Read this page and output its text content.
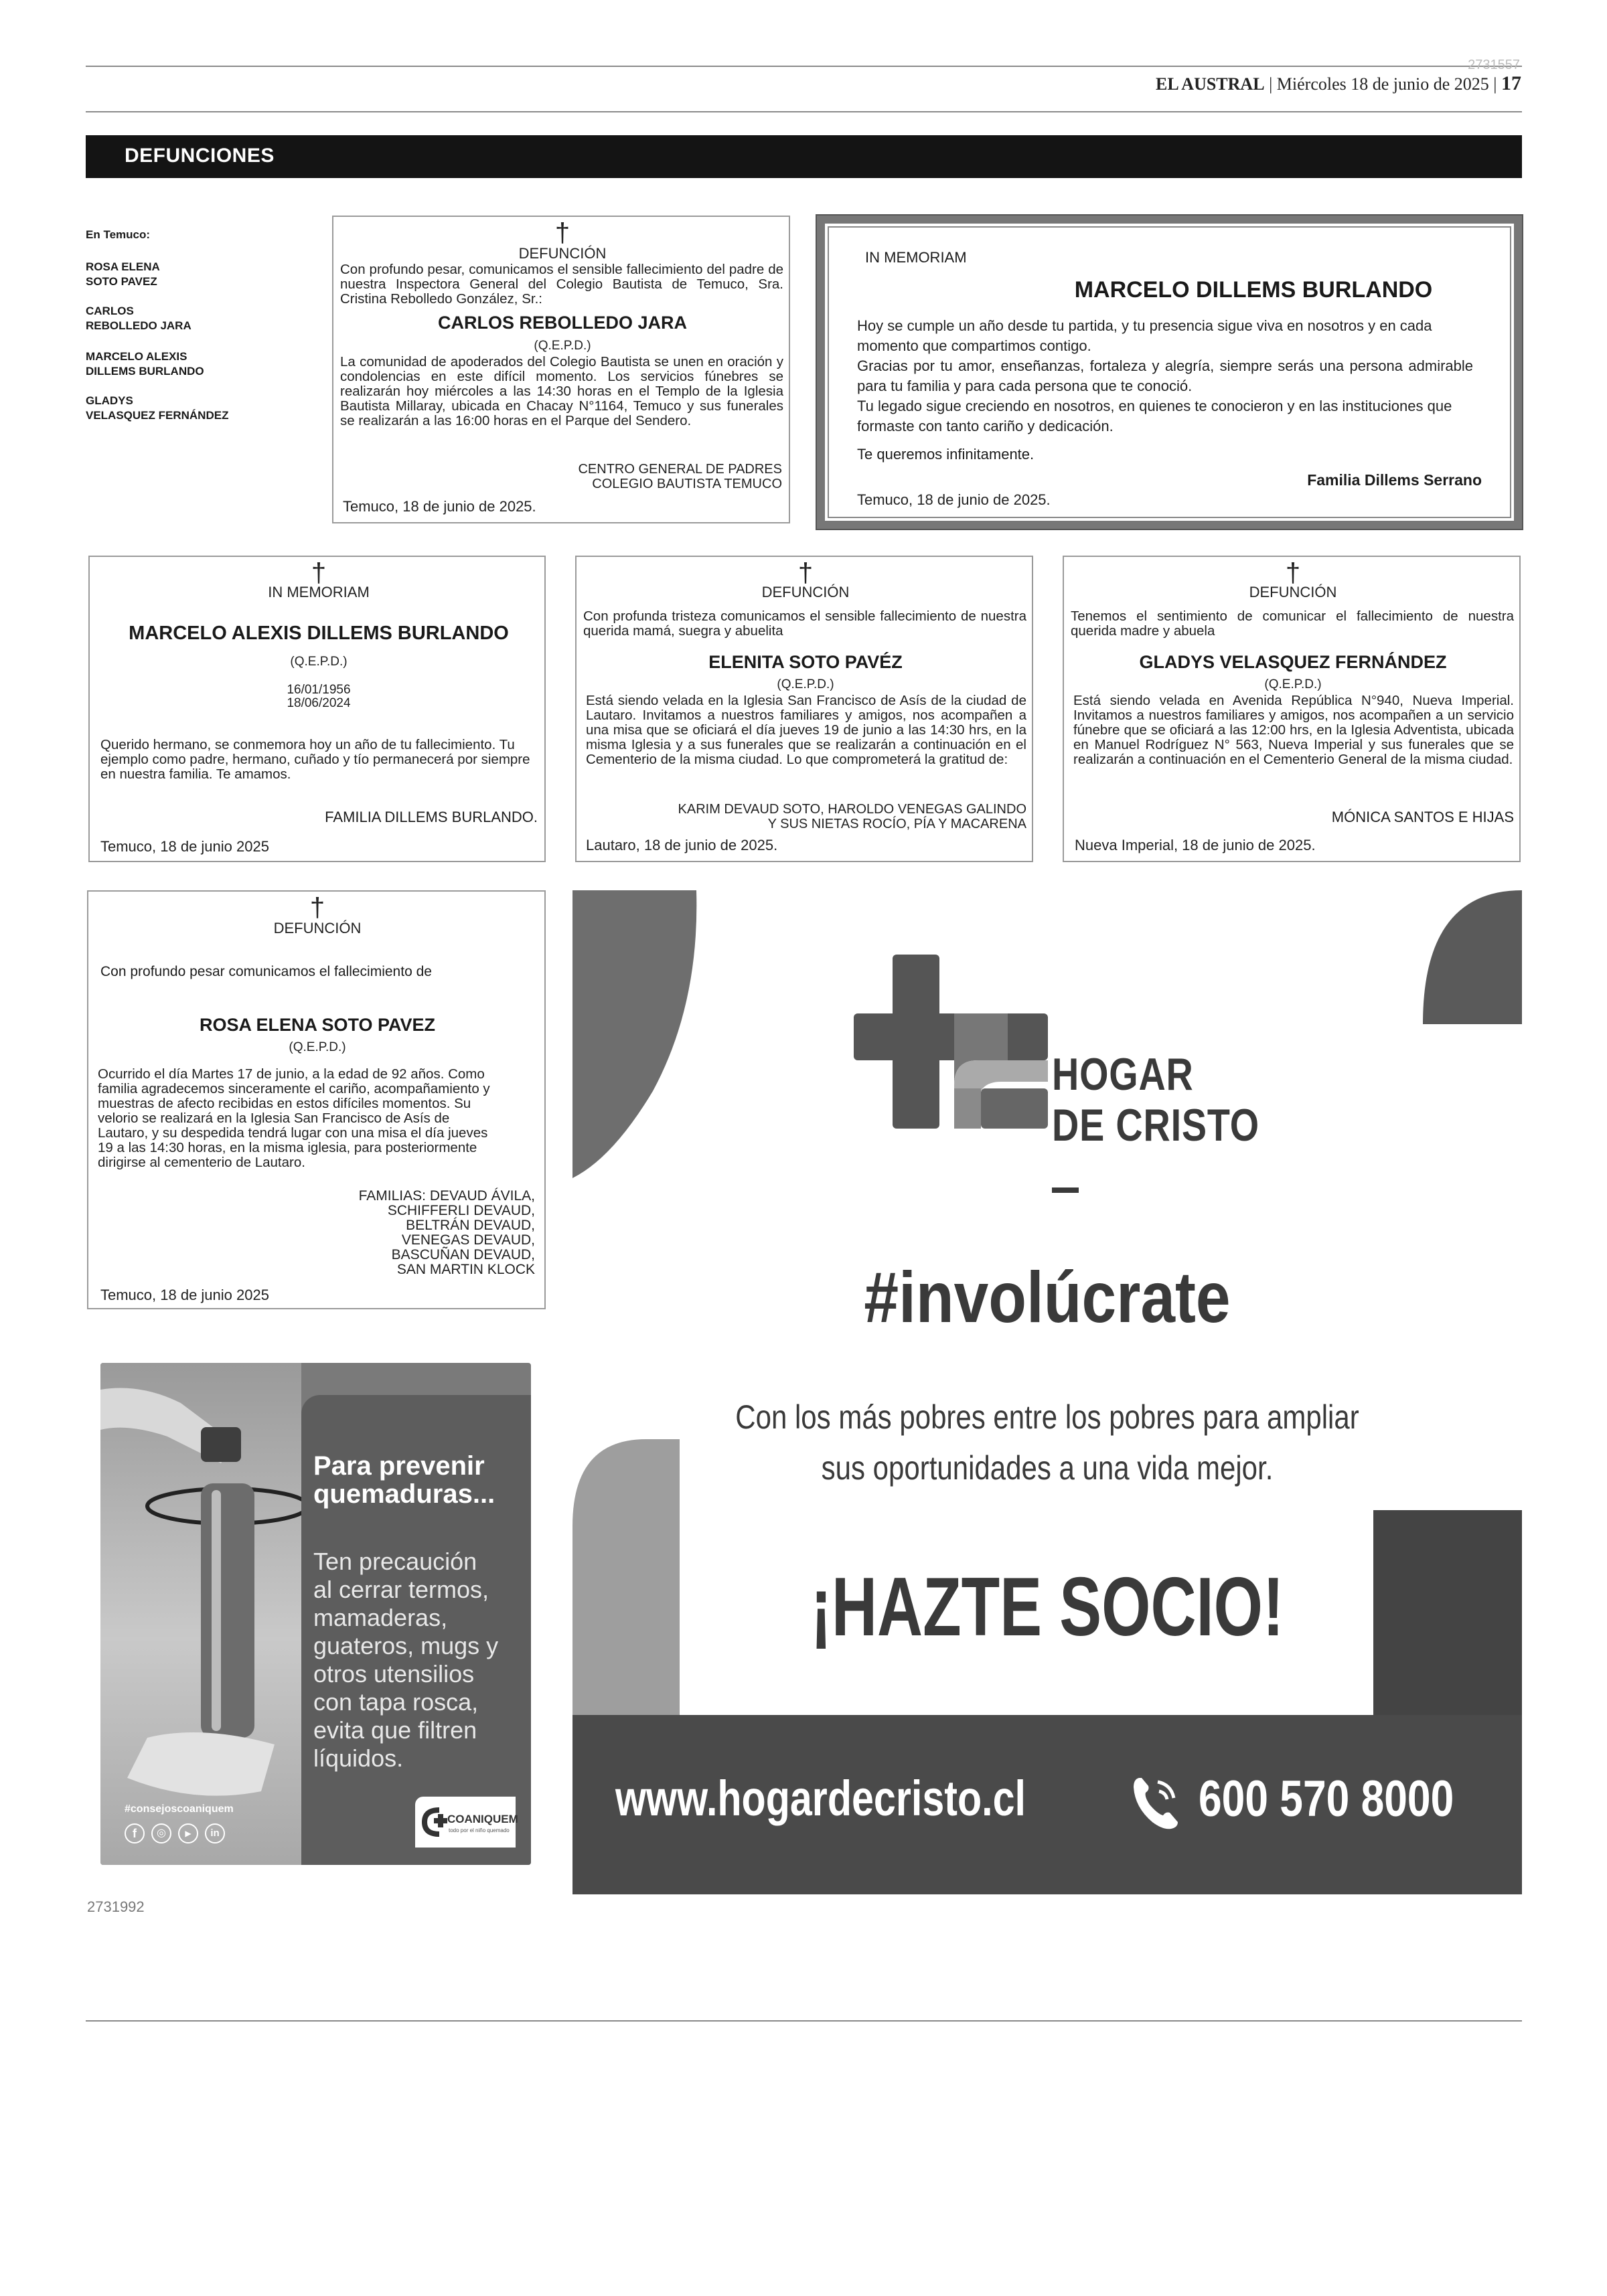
2731557
EL AUSTRAL | Miércoles 18 de junio de 2025 | 17
DEFUNCIONES
En Temuco:
ROSA ELENA
SOTO PAVEZ
CARLOS
REBOLLEDO JARA
MARCELO ALEXIS
DILLEMS BURLANDO
GLADYS
VELASQUEZ FERNÁNDEZ
†
DEFUNCIÓN
Con profundo pesar, comunicamos el sensible fallecimiento del padre de nuestra Inspectora General del Colegio Bautista de Temuco, Sra. Cristina Rebolledo González, Sr.:
CARLOS REBOLLEDO JARA
(Q.E.P.D.)
La comunidad de apoderados del Colegio Bautista se unen en oración y condolencias en este difícil momento. Los servicios fúnebres se realizarán hoy miércoles a las 14:30 horas en el Templo de la Iglesia Bautista Millaray, ubicada en Chacay N°1164, Temuco y sus funerales se realizarán a las 16:00 horas en el Parque del Sendero.
CENTRO GENERAL DE PADRES
COLEGIO BAUTISTA TEMUCO
Temuco, 18 de junio de 2025.
IN MEMORIAM
MARCELO DILLEMS BURLANDO
Hoy se cumple un año desde tu partida, y tu presencia sigue viva en nosotros y en cada momento que compartimos contigo.
Gracias por tu amor, enseñanzas, fortaleza y alegría, siempre serás una persona admirable para tu familia y para cada persona que te conoció.
Tu legado sigue creciendo en nosotros, en quienes te conocieron y en las instituciones que formaste con tanto cariño y dedicación.
Te queremos infinitamente.
Familia Dillems Serrano
Temuco, 18 de junio de 2025.
†
IN MEMORIAM
MARCELO ALEXIS DILLEMS BURLANDO
(Q.E.P.D.)
16/01/1956
18/06/2024
Querido hermano, se conmemora hoy un año de tu fallecimiento. Tu ejemplo como padre, hermano, cuñado y tío permanecerá por siempre en nuestra familia. Te amamos.
FAMILIA DILLEMS BURLANDO.
Temuco, 18 de junio 2025
†
DEFUNCIÓN
Con profunda tristeza comunicamos el sensible fallecimiento de nuestra querida mamá, suegra y abuelita
ELENITA SOTO PAVÉZ
(Q.E.P.D.)
Está siendo velada en la Iglesia San Francisco de Asís de la ciudad de Lautaro. Invitamos a nuestros familiares y amigos, nos acompañen a una misa que se oficiará el día jueves 19 de junio a las 14:30 hrs, en la misma Iglesia y a sus funerales que se realizarán a continuación en el Cementerio de la misma ciudad. Lo que comprometerá la gratitud de:
KARIM DEVAUD SOTO, HAROLDO VENEGAS GALINDO
Y SUS NIETAS ROCÍO, PÍA Y MACARENA
Lautaro, 18 de junio de 2025.
†
DEFUNCIÓN
Tenemos el sentimiento de comunicar el fallecimiento de nuestra querida madre y abuela
GLADYS VELASQUEZ FERNÁNDEZ
(Q.E.P.D.)
Está siendo velada en Avenida República N°940, Nueva Imperial. Invitamos a nuestros familiares y amigos, nos acompañen a un servicio fúnebre que se oficiará a las 12:00 hrs, en la Iglesia Adventista, ubicada en Manuel Rodríguez N° 563, Nueva Imperial y sus funerales que se realizarán a continuación en el Cementerio General de la misma ciudad.
MÓNICA SANTOS E HIJAS
Nueva Imperial, 18 de junio de 2025.
†
DEFUNCIÓN
Con profundo pesar comunicamos el fallecimiento de
ROSA ELENA SOTO PAVEZ
(Q.E.P.D.)
Ocurrido el día Martes 17 de junio, a la edad de 92 años. Como familia agradecemos sinceramente el cariño, acompañamiento y muestras de afecto recibidas en estos difíciles momentos. Su velorio se realizará en la Iglesia San Francisco de Asís de Lautaro, y su despedida tendrá lugar con una misa el día jueves 19 a las 14:30 horas, en la misma iglesia, para posteriormente dirigirse al cementerio de Lautaro.
FAMILIAS: DEVAUD ÁVILA,
SCHIFFERLI DEVAUD,
BELTRÁN DEVAUD,
VENEGAS DEVAUD,
BASCUÑAN DEVAUD,
SAN MARTIN KLOCK
Temuco, 18 de junio 2025
HOGAR
DE CRISTO
#involúcrate
Con los más pobres entre los pobres para ampliar
sus oportunidades a una vida mejor.
¡HAZTE SOCIO!
www.hogardecristo.cl	600 570 8000
Para prevenir
quemaduras...
Ten precaución
al cerrar termos,
mamaderas,
guateros, mugs y
otros utensilios
con tapa rosca,
evita que filtren
líquidos.
#consejoscoaniquem
f	◎	▶	in
COANIQUEM
todo por el niño quemado
2731992
